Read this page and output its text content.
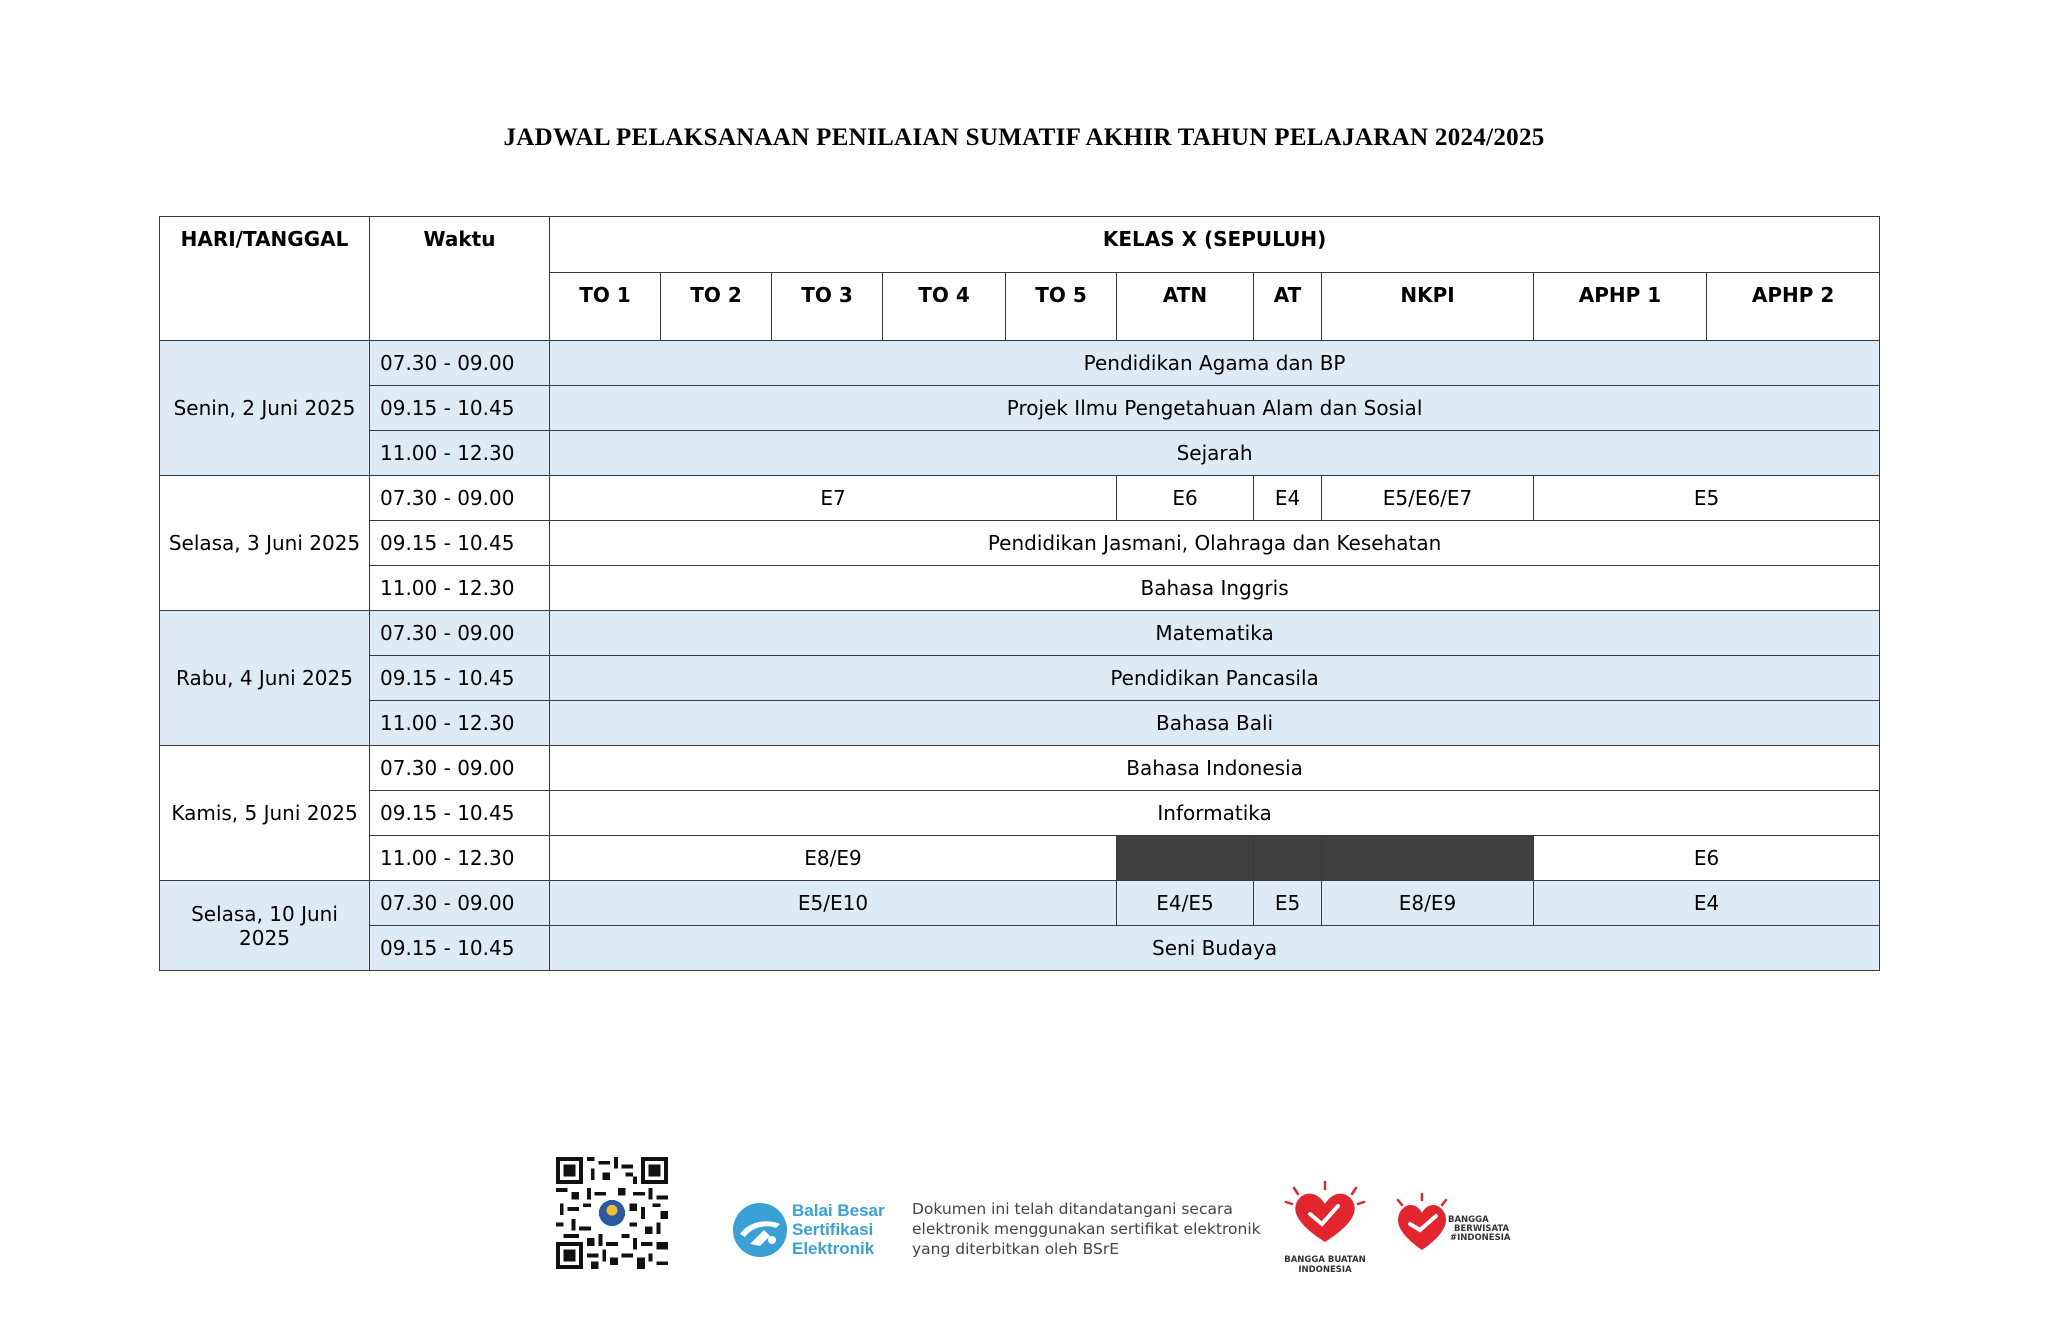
JADWAL PELAKSANAAN PENILAIAN SUMATIF AKHIR TAHUN PELAJARAN 2024/2025
HARI/TANGGAL	Waktu	KELAS X (SEPULUH)									
		TO 1	TO 2	TO 3	TO 4	TO 5	ATN	AT	NKPI	APHP 1	APHP 2
Senin, 2 Juni 2025	07.30 - 09.00	Pendidikan Agama dan BP									
	09.15 - 10.45	Projek Ilmu Pengetahuan Alam dan Sosial									
	11.00 - 12.30	Sejarah									
Selasa, 3 Juni 2025	07.30 - 09.00	E7					E6	E4	E5/E6/E7	E5	
	09.15 - 10.45	Pendidikan Jasmani, Olahraga dan Kesehatan									
	11.00 - 12.30	Bahasa Inggris									
Rabu, 4 Juni 2025	07.30 - 09.00	Matematika									
	09.15 - 10.45	Pendidikan Pancasila									
	11.00 - 12.30	Bahasa Bali									
Kamis, 5 Juni 2025	07.30 - 09.00	Bahasa Indonesia									
	09.15 - 10.45	Informatika									
	11.00 - 12.30	E8/E9								E6	
Selasa, 10 Juni 2025	07.30 - 09.00	E5/E10					E4/E5	E5	E8/E9	E4	
	09.15 - 10.45	Seni Budaya									
Balai Besar
Sertifikasi
Elektronik
Dokumen ini telah ditandatangani secara
elektronik menggunakan sertifikat elektronik
yang diterbitkan oleh BSrE
BANGGA BUATAN
INDONESIA
BANGGA
BERWISATA
#INDONESIA
